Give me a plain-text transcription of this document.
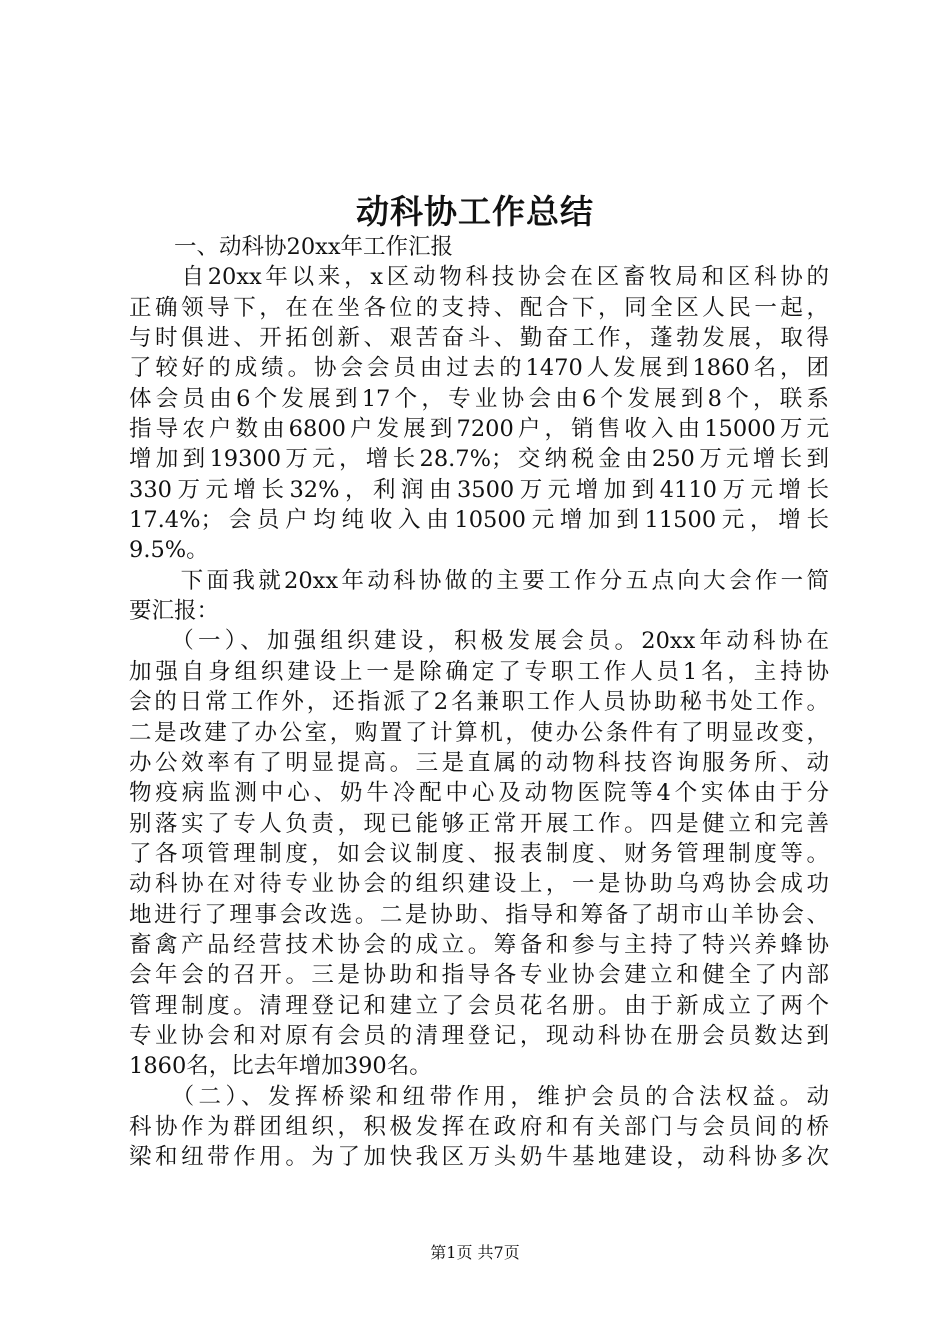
动科协工作总结
　　一、动科协20xx年工作汇报
　　自20xx年以来，x区动物科技协会在区畜牧局和区科协的
正确领导下，在在坐各位的支持、配合下，同全区人民一起，
与时俱进、开拓创新、艰苦奋斗、勤奋工作，蓬勃发展，取得
了较好的成绩。协会会员由过去的1470人发展到1860名，团
体会员由6个发展到17个，专业协会由6个发展到8个，联系
指导农户数由6800户发展到7200户，销售收入由15000万元
增加到19300万元，增长28.7%；交纳税金由250万元增长到
330万元增长32%，利润由3500万元增加到4110万元增长
17.4%；会员户均纯收入由10500元增加到11500元，增长
9.5%。
　　下面我就20xx年动科协做的主要工作分五点向大会作一简
要汇报：
　　（一）、加强组织建设，积极发展会员。20xx年动科协在
加强自身组织建设上一是除确定了专职工作人员1名，主持协
会的日常工作外，还指派了2名兼职工作人员协助秘书处工作。
二是改建了办公室，购置了计算机，使办公条件有了明显改变，
办公效率有了明显提高。三是直属的动物科技咨询服务所、动
物疫病监测中心、奶牛冷配中心及动物医院等4个实体由于分
别落实了专人负责，现已能够正常开展工作。四是健立和完善
了各项管理制度，如会议制度、报表制度、财务管理制度等。
动科协在对待专业协会的组织建设上，一是协助乌鸡协会成功
地进行了理事会改选。二是协助、指导和筹备了胡市山羊协会、
畜禽产品经营技术协会的成立。筹备和参与主持了特兴养蜂协
会年会的召开。三是协助和指导各专业协会建立和健全了内部
管理制度。清理登记和建立了会员花名册。由于新成立了两个
专业协会和对原有会员的清理登记，现动科协在册会员数达到
1860名，比去年增加390名。
　　（二）、发挥桥梁和纽带作用，维护会员的合法权益。动
科协作为群团组织，积极发挥在政府和有关部门与会员间的桥
梁和纽带作用。为了加快我区万头奶牛基地建设，动科协多次

第1页 共7页
